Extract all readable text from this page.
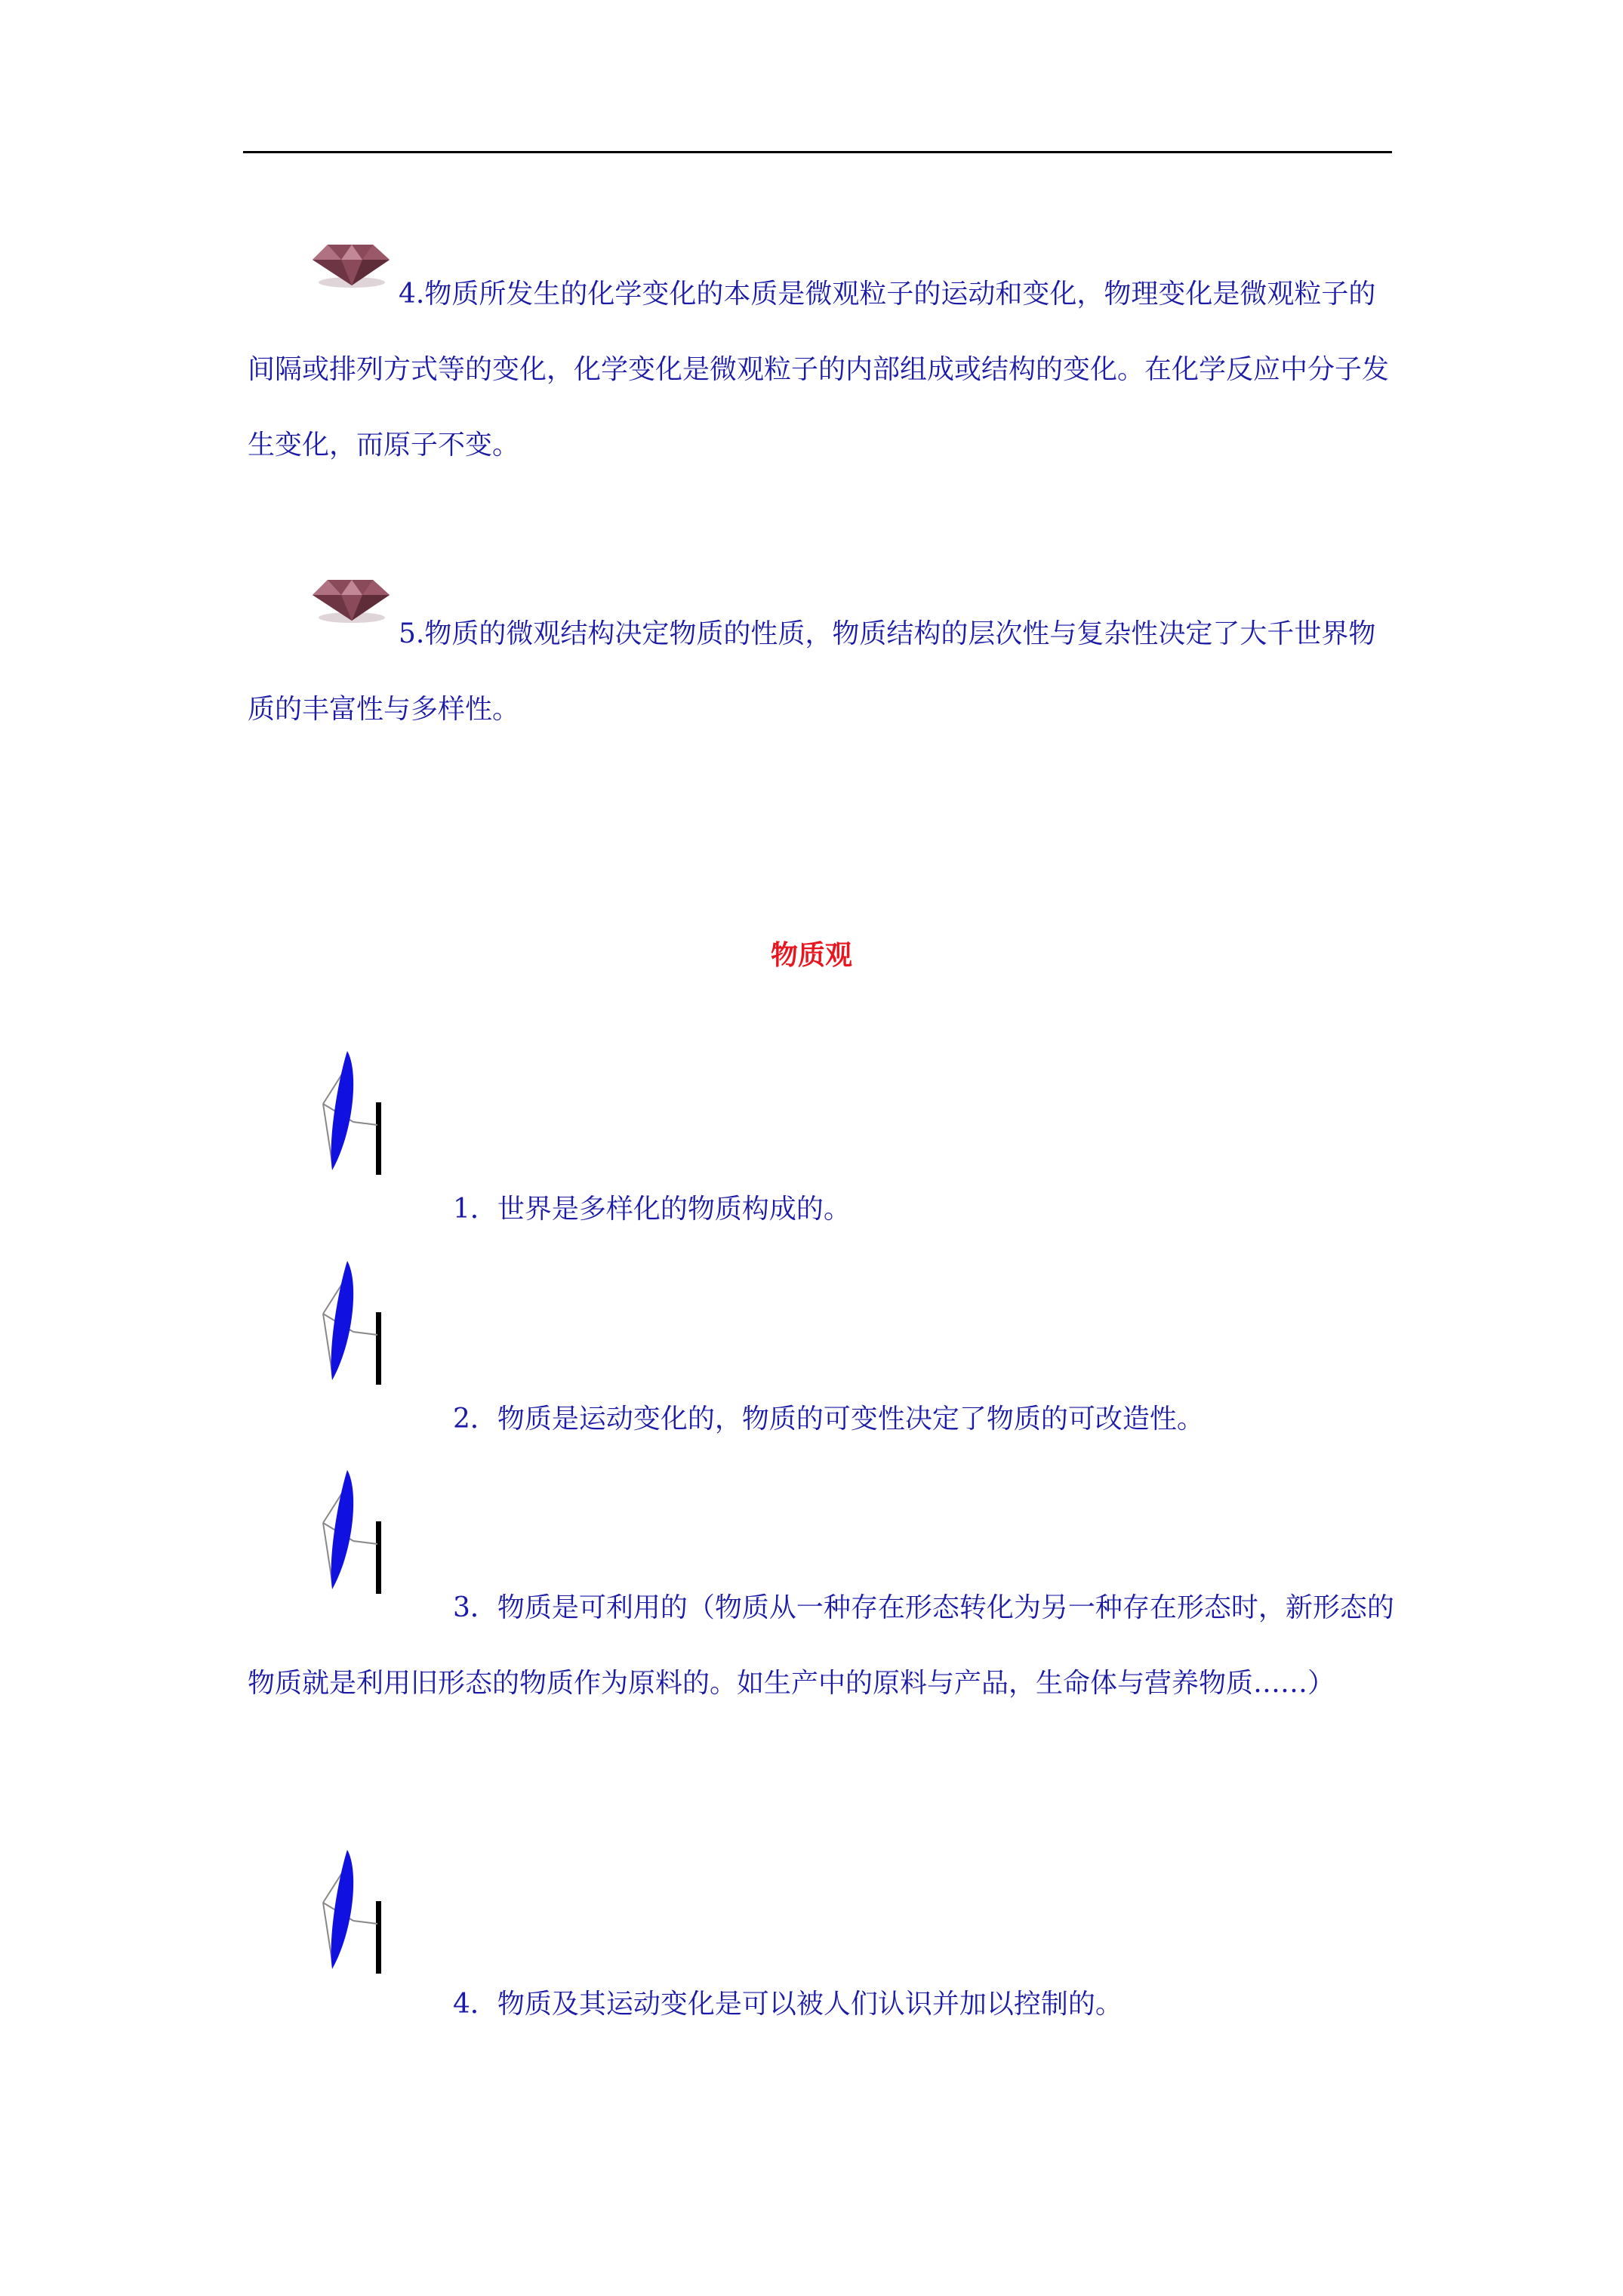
4.物质所发生的化学变化的本质是微观粒子的运动和变化，物理变化是微观粒子的间隔或排列方式等的变化，化学变化是微观粒子的内部组成或结构的变化。在化学反应中分子发生变化，而原子不变。

5.物质的微观结构决定物质的性质，物质结构的层次性与复杂性决定了大千世界物质的丰富性与多样性。

物质观

1．世界是多样化的物质构成的。

2．物质是运动变化的，物质的可变性决定了物质的可改造性。

3．物质是可利用的（物质从一种存在形态转化为另一种存在形态时，新形态的物质就是利用旧形态的物质作为原料的。如生产中的原料与产品，生命体与营养物质……）

4．物质及其运动变化是可以被人们认识并加以控制的。
